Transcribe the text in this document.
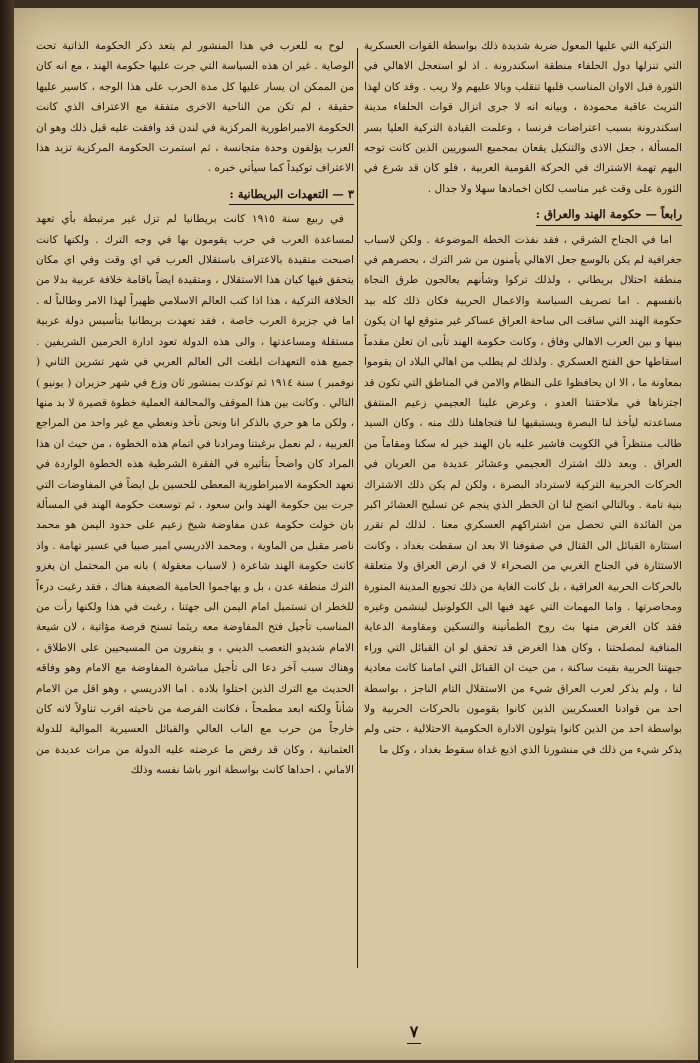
التركية التي عليها المعول ضربة شديدة ذلك بواسطة القوات العسكرية التي تنزلها دول الحلفاء منطقة اسكندرونة . اذ لو استعجل الاهالي في الثورة قبل الاوان المناسب قلبها تنقلب وبالا عليهم ولا ريب . وقد كان لهذا التريث عاقبة محمودة ، وبيانه انه لا جرى انزال قوات الحلفاء مدينة اسكندرونة بسبب اعتراضات فرنسا ، وعلمت القيادة التركية العليا بسر المسألة ، جعل الاذى والتنكيل يقعان بمجميع السوريين الذين كانت توجه اليهم تهمة الاشتراك في الحركة القومية العربية ، فلو كان قد شرع في الثورة على وقت غير مناسب لكان اخمادها سهلا ولا جدال .

رابعاً — حكومة الهند والعراق :

اما في الجناح الشرقي ، فقد نفذت الخطة الموضوعة . ولكن لاسباب جغرافية لم يكن بالوسع جعل الاهالي يأمنون من شر الترك ، بحصرهم في منطقة احتلال بريطاني ، ولذلك تركوا وشأنهم يعالجون طرق النجاة بانفسهم . اما تصريف السياسة والاعمال الحربية فكان ذلك كله بيد حكومة الهند التي ساقت الى ساحة العراق عساكر غير متوقع لها ان يكون بينها و بين العرب الاهالي وفاق ، وكانت حكومة الهند تأبى ان تعلن مقدماً اسقاطها حق الفتح العسكري . ولذلك لم يطلب من اهالي البلاد ان يقوموا بمعاونة ما ، الا ان يحافظوا على النظام والامن في المناطق التي تكون قد اجتزناها في ملاحقتنا العدو ، وعرض علينا العجيمي زعيم المنتفق مساعدته ليأخذ لنا البصرة ويستبقيها لنا فتجاهلنا ذلك منه ، وكان السيد طالب منتظراً في الكويت فاشير عليه بان الهند خير له سكنا ومقاماً من العراق . وبعد ذلك اشترك العجيمي وعشائر عديدة من العربان في الحركات الحربية التركية لاسترداد البصرة ، ولكن لم يكن ذلك الاشتراك بنية تامة . وبالتالي اتضح لنا ان الخطر الذي ينجم عن تسليح العشائر اكبر من الفائدة التي تحصل من اشتراكهم العسكري معنا . لذلك لم تقرر استثارة القبائل الى القتال في صفوفنا الا بعد ان سقطت بغداد ، وكانت الاستثارة في الجناح الغربي من الصحراء لا في ارض العراق ولا متعلقة بالحركات الحربية العراقية ، بل كانت الغاية من ذلك تجويع المدينة المنورة ومحاصرتها . واما المهمات التي عهد فيها الى الكولونيل لينشمن وغيره فقد كان الغرض منها بث روح الطمأنينة والتسكين ومقاومة الدعاية المنافية لمصلحتنا ، وكان هذا الغرض قد تحقق لو ان القبائل التي وراء جبهتنا الحربية بقيت ساكنة ، من حيث ان القبائل التي امامنا كانت معادية لنا ، ولم يذكر لعرب العراق شيء من الاستقلال التام الناجز ، بواسطة احد من قوادنا العسكريين الذين كانوا يقومون بالحركات الحربية ولا بواسطة احد من الذين كانوا يتولون الادارة الحكومية الاحتلالية ، حتى ولم يذكر شيء من ذلك في منشورنا الذي اذيع غداة سقوط بغداد ، وكل ما

لوح به للعرب في هذا المنشور لم يتعد ذكر الحكومة الذاتية تحت الوصاية . غير ان هذه السياسة التي جرت عليها حكومة الهند ، مع انه كان من الممكن ان يسار عليها كل مدة الحرب على هذا الوجه ، كاسير عليها حقيقة ، لم تكن من الناحية الاخرى متفقة مع الاعتراف الذي كانت الحكومة الامبراطورية المركزية في لندن قد وافقت عليه قبل ذلك وهو ان العرب يؤلفون وحدة متجانسة ، ثم استمرت الحكومة المركزية تزيد هذا الاعتراف توكيداً كما سيأتي خبره .

٣ — التعهدات البريطانية :

في ربيع سنة ١٩١٥ كانت بريطانيا لم تزل غير مرتبطة بأي تعهد لمساعدة العرب في حرب يقومون بها في وجه الترك . ولكنها كانت اصبحت متقيدة بالاعتراف باستقلال العرب في اي وقت وفي اي مكان يتحقق فيها كيان هذا الاستقلال ، ومتقيدة ايضاً باقامة خلافة عربية بدلا من الخلافة التركية ، هذا اذا كتب العالم الاسلامي ظهيراً لهذا الامر وطالباً له . اما في جزيرة العرب خاصة ، فقد تعهدت بريطانيا بتأسيس دولة عربية مستقلة ومساعدتها ، والى هذه الدولة تعود ادارة الحرمين الشريفين . جميع هذه التعهدات ابلغت الى العالم العربي في شهر تشرين الثاني ( نوفمبر ) سنة ١٩١٤ ثم توكدت بمنشور ثان وزع في شهر حزيران ( يونيو ) التالي . وكانت بين هذا الموقف والمحالفة العملية خطوة قصيرة لا بد منها ، ولكن ما هو حري بالذكر انا ونحن نأخذ ونعطي مع غير واحد من المراجع العربية ، لم نعمل برغبتنا ومرادنا في اتمام هذه الخطوة ، من حيث ان هذا المراد كان واضحاً بتأثيره في الفقرة الشرطية هذه الخطوة الواردة في تعهد الحكومة الامبراطورية المعطى للحسين بل ايضاً في المفاوضات التي جرت بين حكومة الهند وابن سعود ، ثم توسعت حكومة الهند في المسألة بان خولت حكومة عدن مفاوضة شيخ زعيم على حدود اليمن هو محمد ناصر مقبل من الماوية ، ومحمد الادريسي امير صبيا في عسير تهامة . واذ كانت حكومة الهند شاعرة ( لاسباب معقولة ) بانه من المحتمل ان يغزو الترك منطقة عدن ، بل و يهاجموا الحامية الضعيفة هناك ، فقد رغبت درءاً للخطر ان تستميل امام اليمن الى جهتنا ، رغبت في هذا ولكنها رأت من المناسب تأجيل فتح المفاوضة معه ريثما تسنح فرصة مؤاتية ، لان شيعة الامام شديدو التعصب الديني ، و ينفرون من المسيحيين على الاطلاق ، وهناك سبب آخر دعا الى تأجيل مباشرة المفاوضة مع الامام وهو وفاقه الحديث مع الترك الذين احتلوا بلاده . اما الادريسي ، وهو اقل من الامام شأناً ولكنه ابعد مطمحاً ، فكانت الفرصة من ناحيته اقرب تناولاً لانه كان خارجاً من حرب مع الباب العالي والقبائل العسيرية الموالية للدولة العثمانية ، وكان قد رفض ما عرضته عليه الدولة من مرات عديدة من الاماني ، احداها كانت بواسطة انور باشا نفسه وذلك

٧
